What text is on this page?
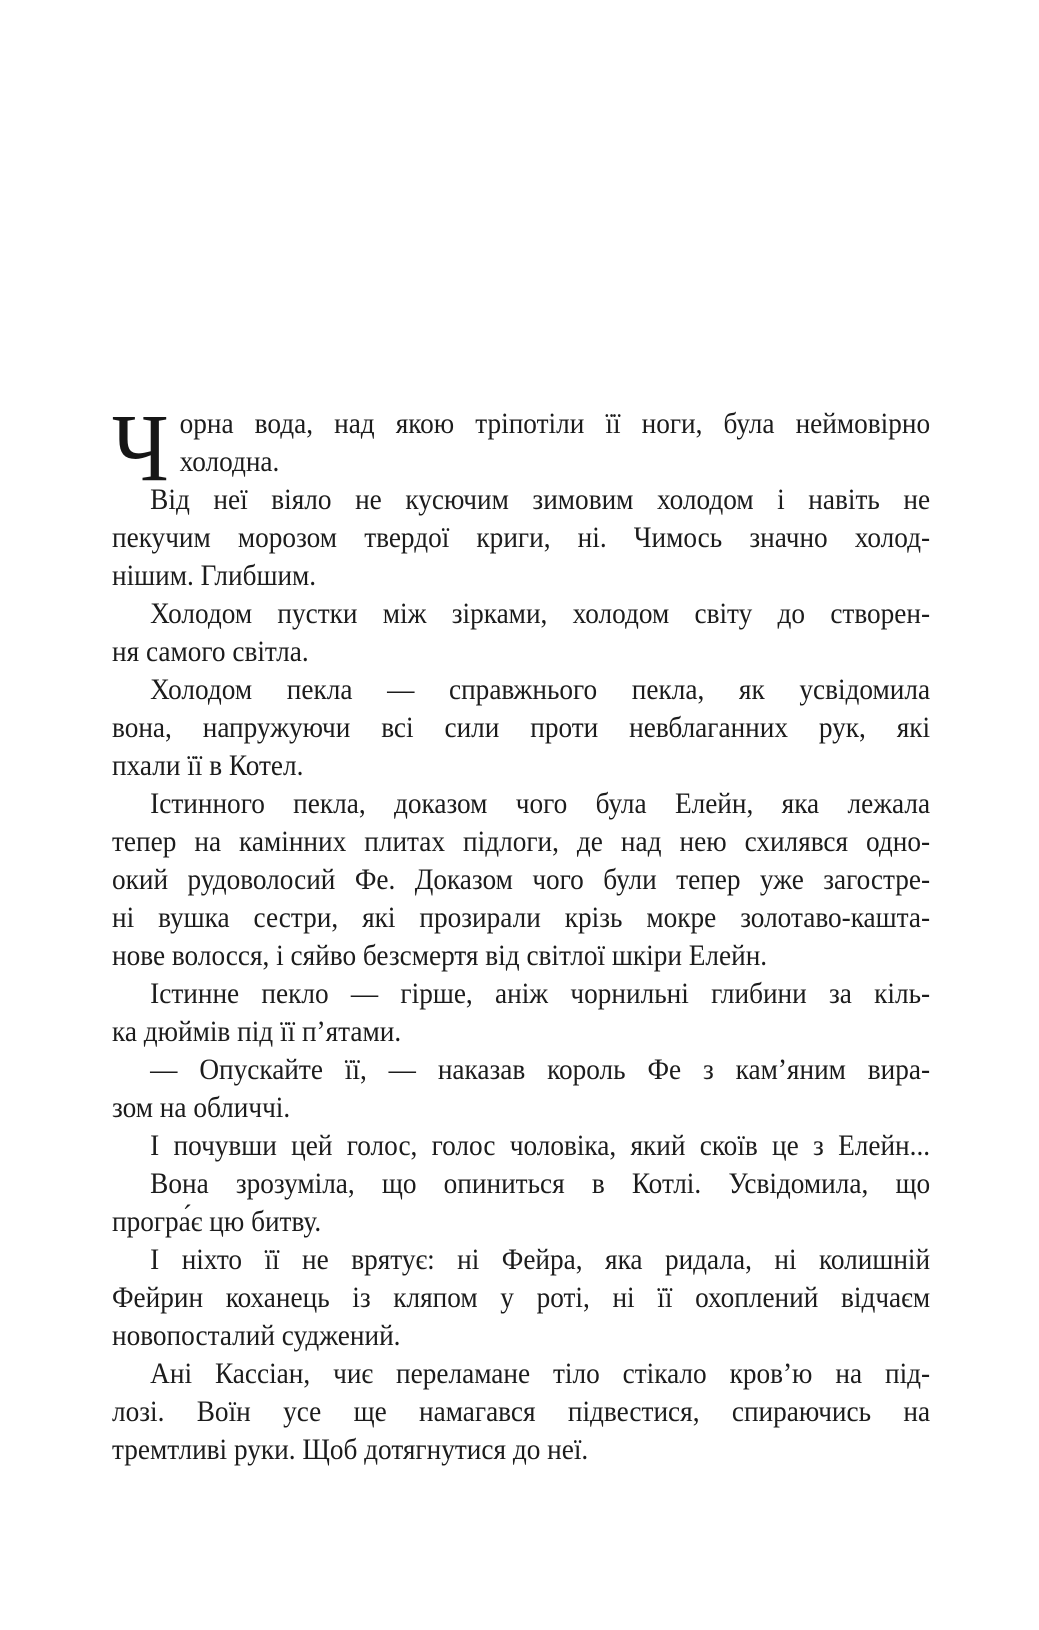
Ч орна вода, над якою тріпотіли її ноги, була неймовірно
холодна.
Від неї віяло не кусючим зимовим холодом і навіть не
пекучим морозом твердої криги, ні. Чимось значно холод-
нішим. Глибшим.
Холодом пустки між зірками, холодом світу до створен-
ня самого світла.
Холодом пекла — справжнього пекла, як усвідомила
вона, напружуючи всі сили проти невблаганних рук, які
пхали її в Котел.
Істинного пекла, доказом чого була Елейн, яка лежала
тепер на камінних плитах підлоги, де над нею схилявся одно-
окий рудоволосий Фе. Доказом чого були тепер уже загостре-
ні вушка сестри, які прозирали крізь мокре золотаво-кашта-
нове волосся, і сяйво безсмертя від світлої шкіри Елейн.
Істинне пекло — гірше, аніж чорнильні глибини за кіль-
ка дюймів під її п’ятами.
— Опускайте її, — наказав король Фе з кам’яним вира-
зом на обличчі.
І почувши цей голос, голос чоловіка, який скоїв це з Елейн...
Вона зрозуміла, що опиниться в Котлі. Усвідомила, що
програ́є цю битву.
І ніхто її не врятує: ні Фейра, яка ридала, ні колишній
Фейрин коханець із кляпом у роті, ні її охоплений відчаєм
новопосталий суджений.
Ані Кассіан, чиє переламане тіло стікало кров’ю на під-
лозі. Воїн усе ще намагався підвестися, спираючись на
тремтливі руки. Щоб дотягнутися до неї.
